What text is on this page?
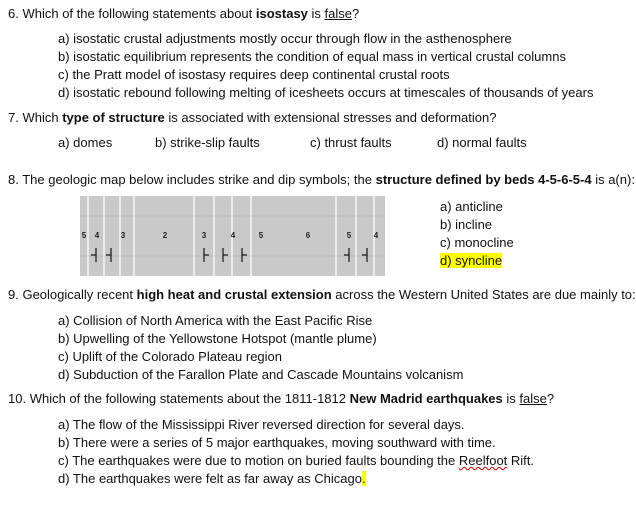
6. Which of the following statements about isostasy is false?
a) isostatic crustal adjustments mostly occur through flow in the asthenosphere
b) isostatic equilibrium represents the condition of equal mass in vertical crustal columns
c) the Pratt model of isostasy requires deep continental crustal roots
d) isostatic rebound following melting of icesheets occurs at timescales of thousands of years
7. Which type of structure is associated with extensional stresses and deformation?
a) domes	b) strike-slip faults	c) thrust faults	d) normal faults
8. The geologic map below includes strike and dip symbols; the structure defined by beds 4-5-6-5-4 is a(n):
5 4	3	2	3	4	5	6	5	4
a) anticline
b) incline
c) monocline
d) syncline
9. Geologically recent high heat and crustal extension across the Western United States are due mainly to:
a) Collision of North America with the East Pacific Rise
b) Upwelling of the Yellowstone Hotspot (mantle plume)
c) Uplift of the Colorado Plateau region
d) Subduction of the Farallon Plate and Cascade Mountains volcanism
10. Which of the following statements about the 1811-1812 New Madrid earthquakes is false?
a) The flow of the Mississippi River reversed direction for several days.
b) There were a series of 5 major earthquakes, moving southward with time.
c) The earthquakes were due to motion on buried faults bounding the Reelfoot Rift.
d) The earthquakes were felt as far away as Chicago.
